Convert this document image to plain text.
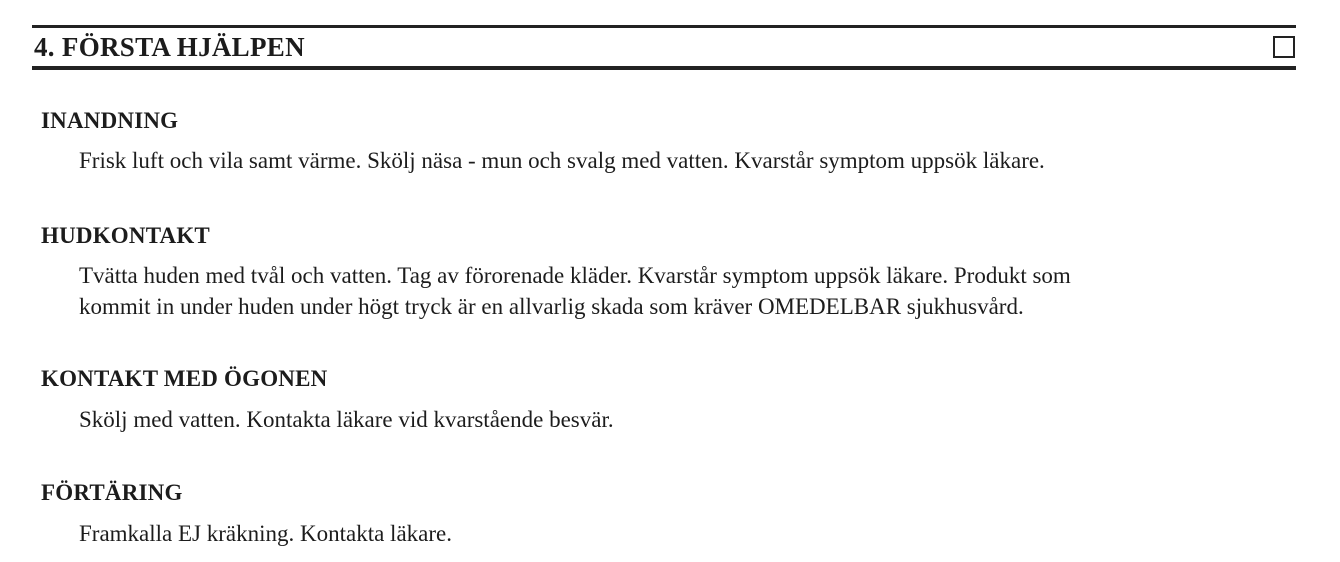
4. FÖRSTA HJÄLPEN
INANDNING
Frisk luft och vila samt värme. Skölj näsa - mun och svalg med vatten. Kvarstår symptom uppsök läkare.
HUDKONTAKT
Tvätta huden med tvål och vatten. Tag av förorenade kläder. Kvarstår symptom uppsök läkare. Produkt som
kommit in under huden under högt tryck är en allvarlig skada som kräver OMEDELBAR sjukhusvård.
KONTAKT MED ÖGONEN
Skölj med vatten. Kontakta läkare vid kvarstående besvär.
FÖRTÄRING
Framkalla EJ kräkning. Kontakta läkare.
